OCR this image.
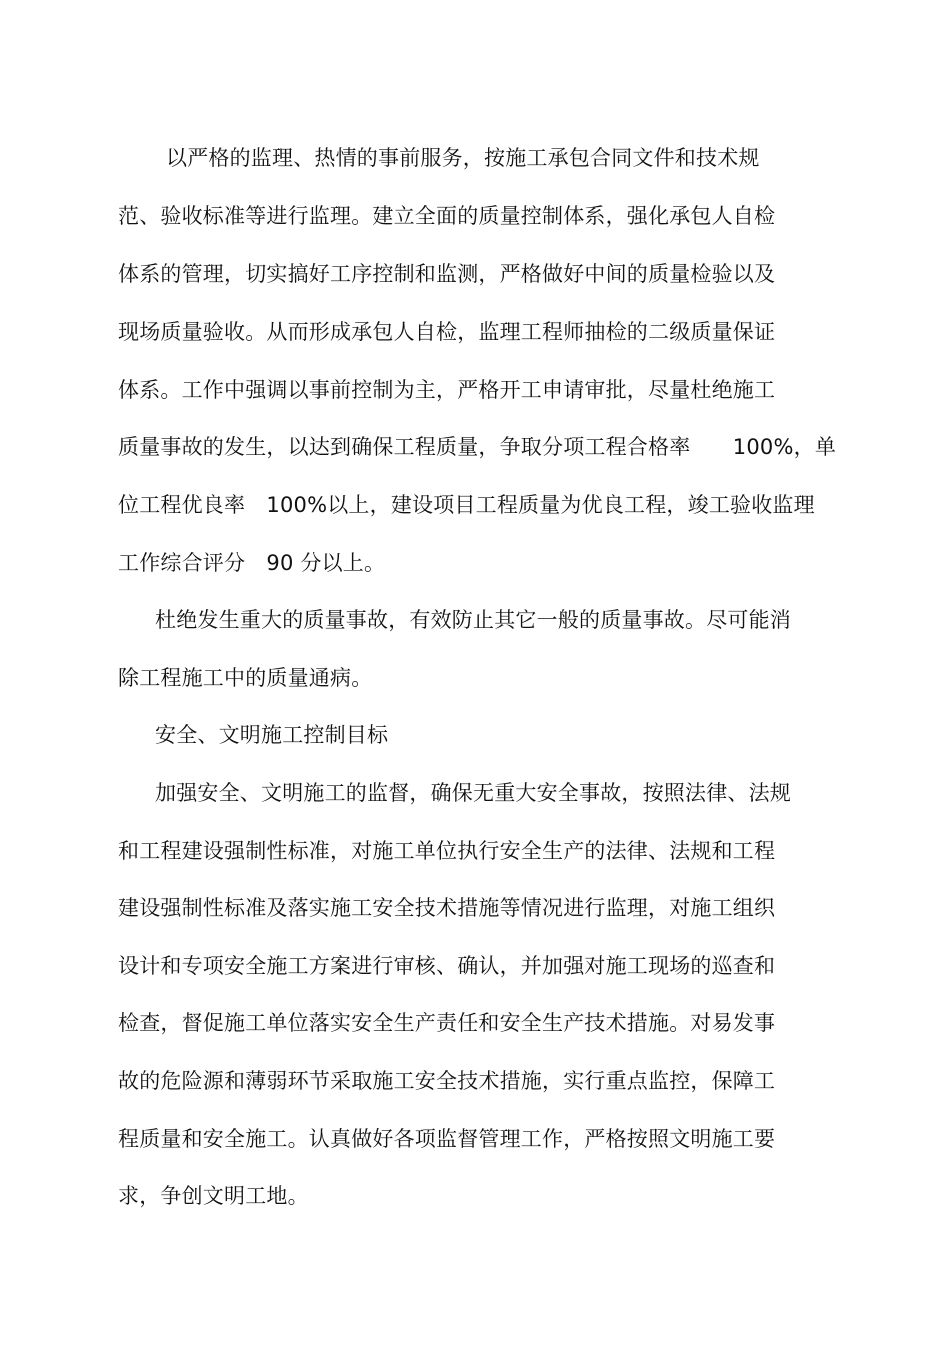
以严格的监理、热情的事前服务，按施工承包合同文件和技术规
范、验收标准等进行监理。建立全面的质量控制体系，强化承包人自检
体系的管理，切实搞好工序控制和监测，严格做好中间的质量检验以及
现场质量验收。从而形成承包人自检，监理工程师抽检的二级质量保证
体系。工作中强调以事前控制为主，严格开工申请审批，尽量杜绝施工
质量事故的发生，以达到确保工程质量，争取分项工程合格率　　100%，单
位工程优良率　100%以上，建设项目工程质量为优良工程，竣工验收监理
工作综合评分　90 分以上。
杜绝发生重大的质量事故，有效防止其它一般的质量事故。尽可能消
除工程施工中的质量通病。
安全、文明施工控制目标
加强安全、文明施工的监督，确保无重大安全事故，按照法律、法规
和工程建设强制性标准，对施工单位执行安全生产的法律、法规和工程
建设强制性标准及落实施工安全技术措施等情况进行监理，对施工组织
设计和专项安全施工方案进行审核、确认，并加强对施工现场的巡查和
检查，督促施工单位落实安全生产责任和安全生产技术措施。对易发事
故的危险源和薄弱环节采取施工安全技术措施，实行重点监控，保障工
程质量和安全施工。认真做好各项监督管理工作，严格按照文明施工要
求，争创文明工地。
